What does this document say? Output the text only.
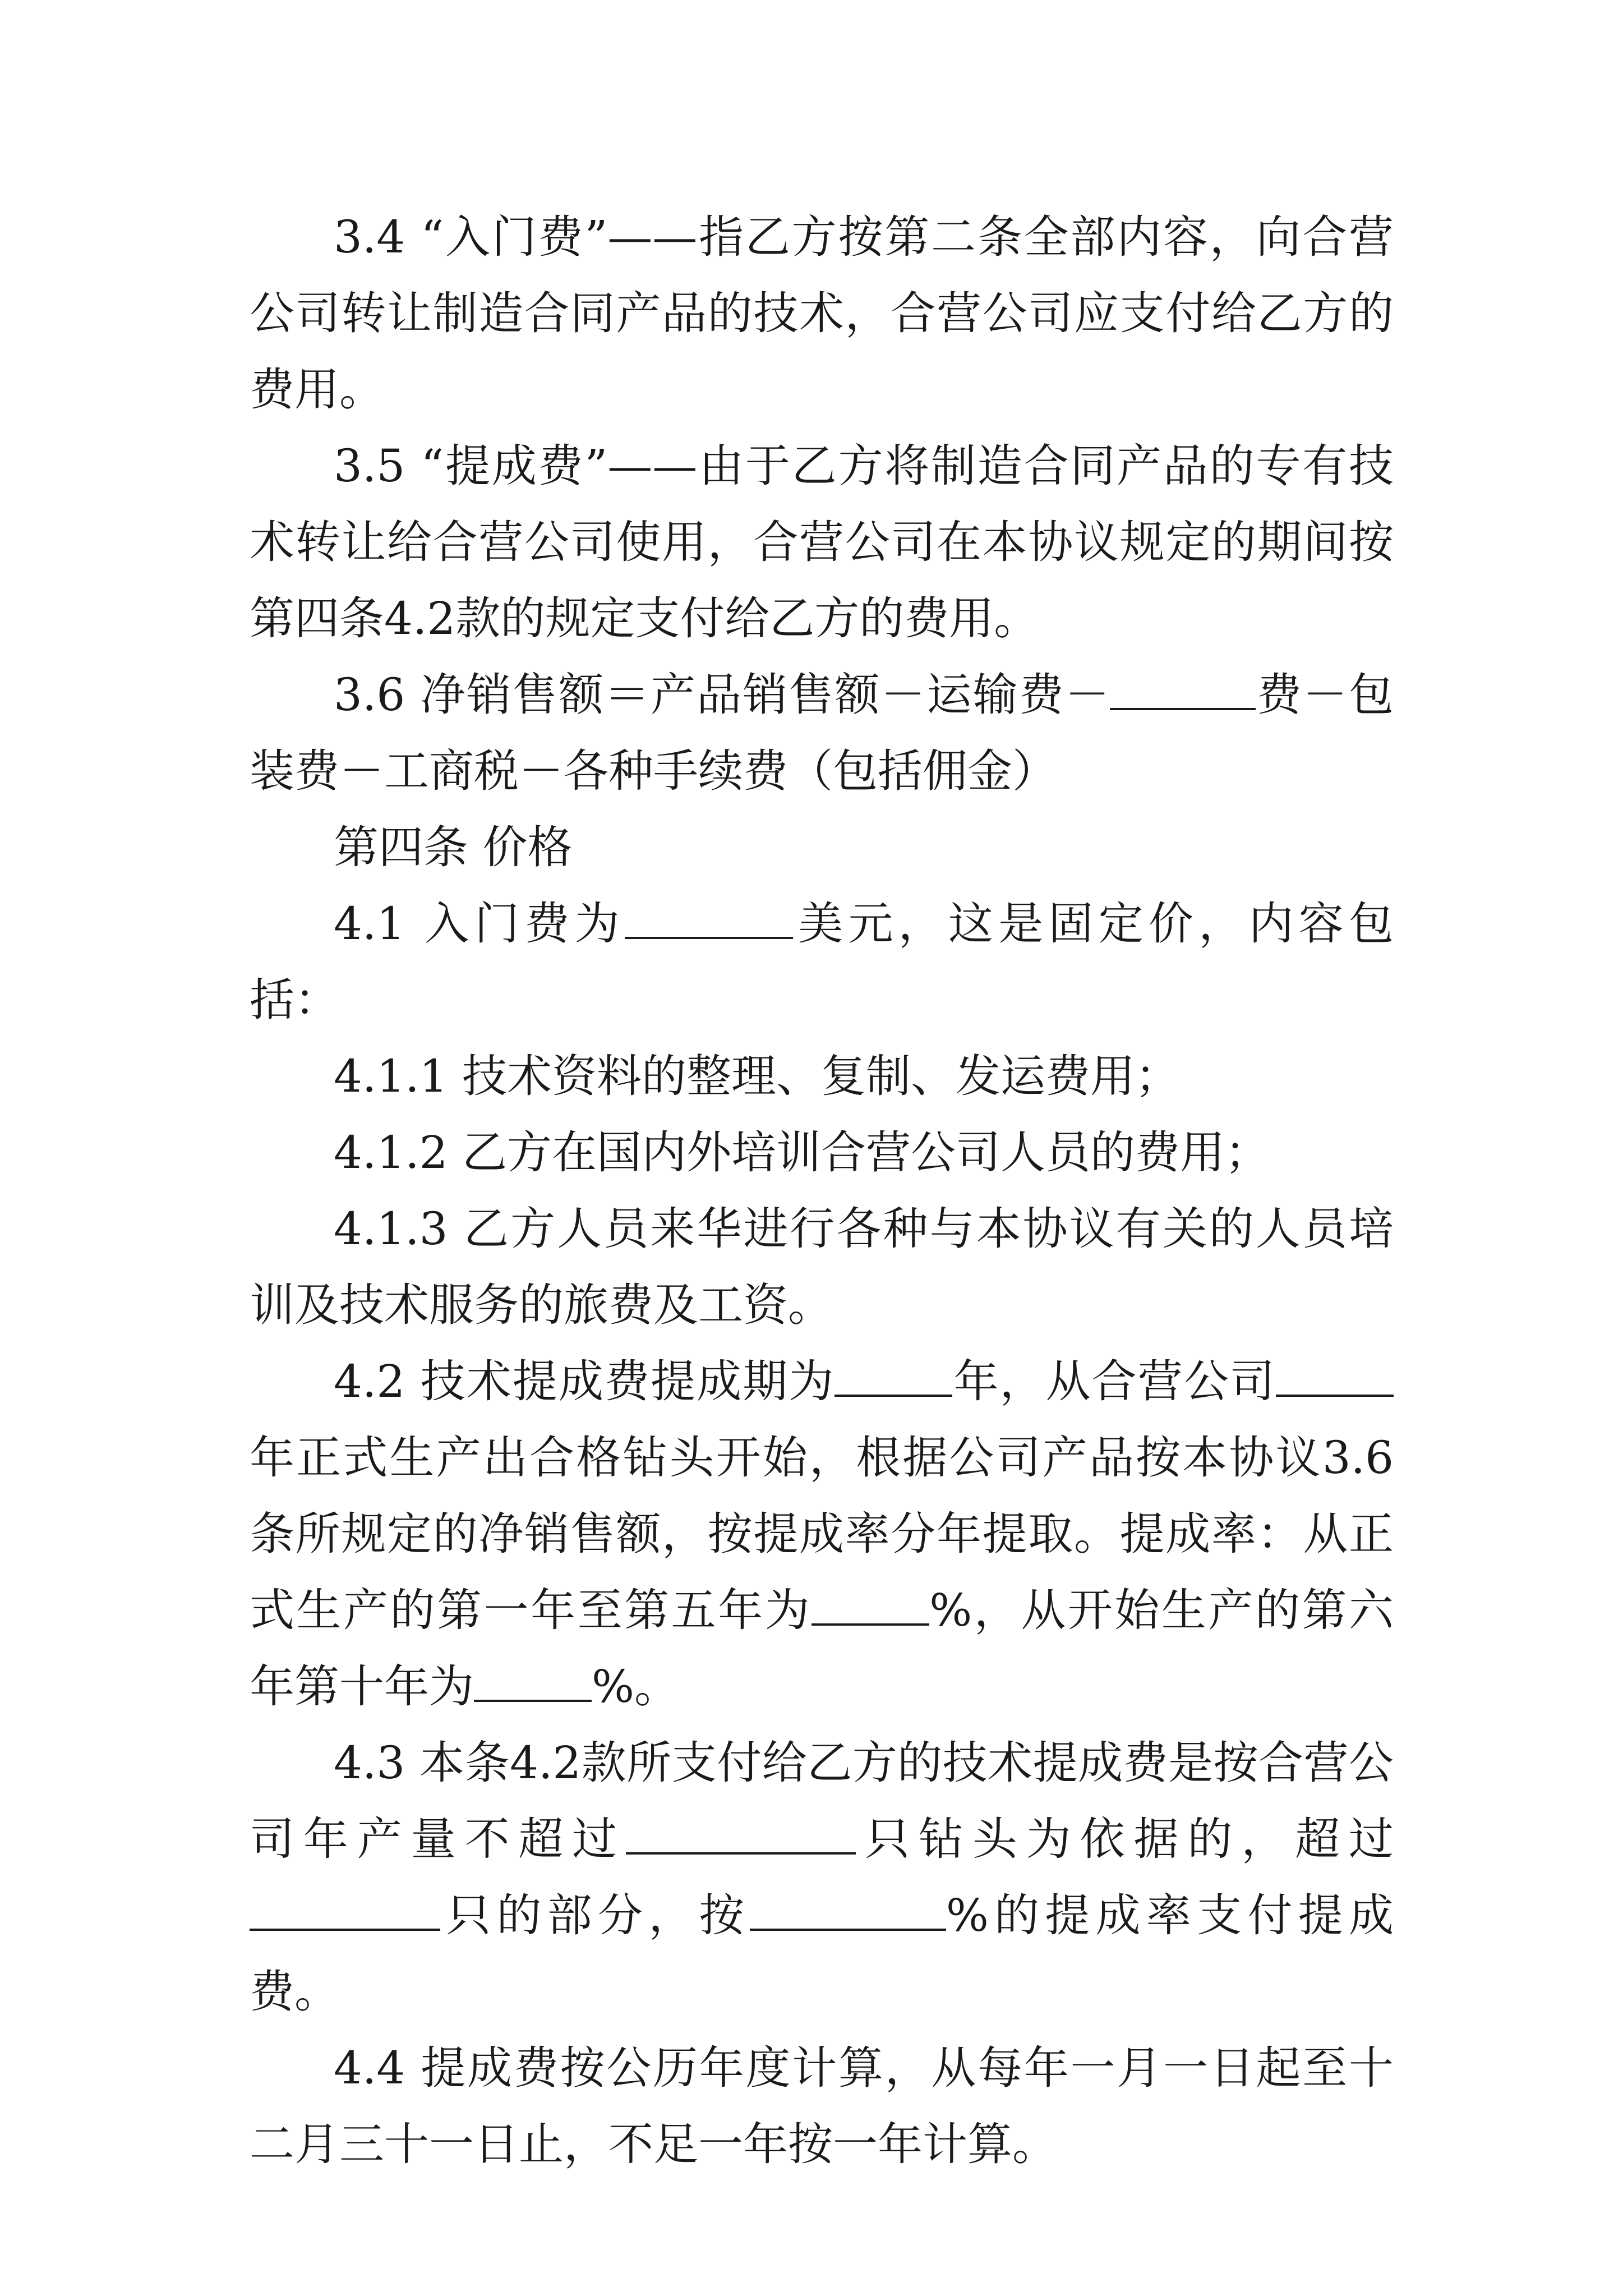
3.4 “入门费”——指乙方按第二条全部内容，向合营公司转让制造合同产品的技术，合营公司应支付给乙方的费用。

3.5 “提成费”——由于乙方将制造合同产品的专有技术转让给合营公司使用，合营公司在本协议规定的期间按第四条4.2款的规定支付给乙方的费用。

3.6 净销售额＝产品销售额－运输费－	费－包装费－工商税－各种手续费（包括佣金）

第四条 价格

4.1 入门费为	美元，这是固定价，内容包括：

4.1.1 技术资料的整理、复制、发运费用；

4.1.2 乙方在国内外培训合营公司人员的费用；

4.1.3 乙方人员来华进行各种与本协议有关的人员培训及技术服务的旅费及工资。

4.2 技术提成费提成期为	年，从合营公司年正式生产出合格钻头开始，根据公司产品按本协议3.6条所规定的净销售额，按提成率分年提取。提成率：从正式生产的第一年至第五年为	%，从开始生产的第六年第十年为	%。

4.3 本条4.2款所支付给乙方的技术提成费是按合营公司年产量不超过	只钻头为依据的，超过只的部分，按	%的提成率支付提成费。

4.4 提成费按公历年度计算，从每年一月一日起至十二月三十一日止，不足一年按一年计算。
